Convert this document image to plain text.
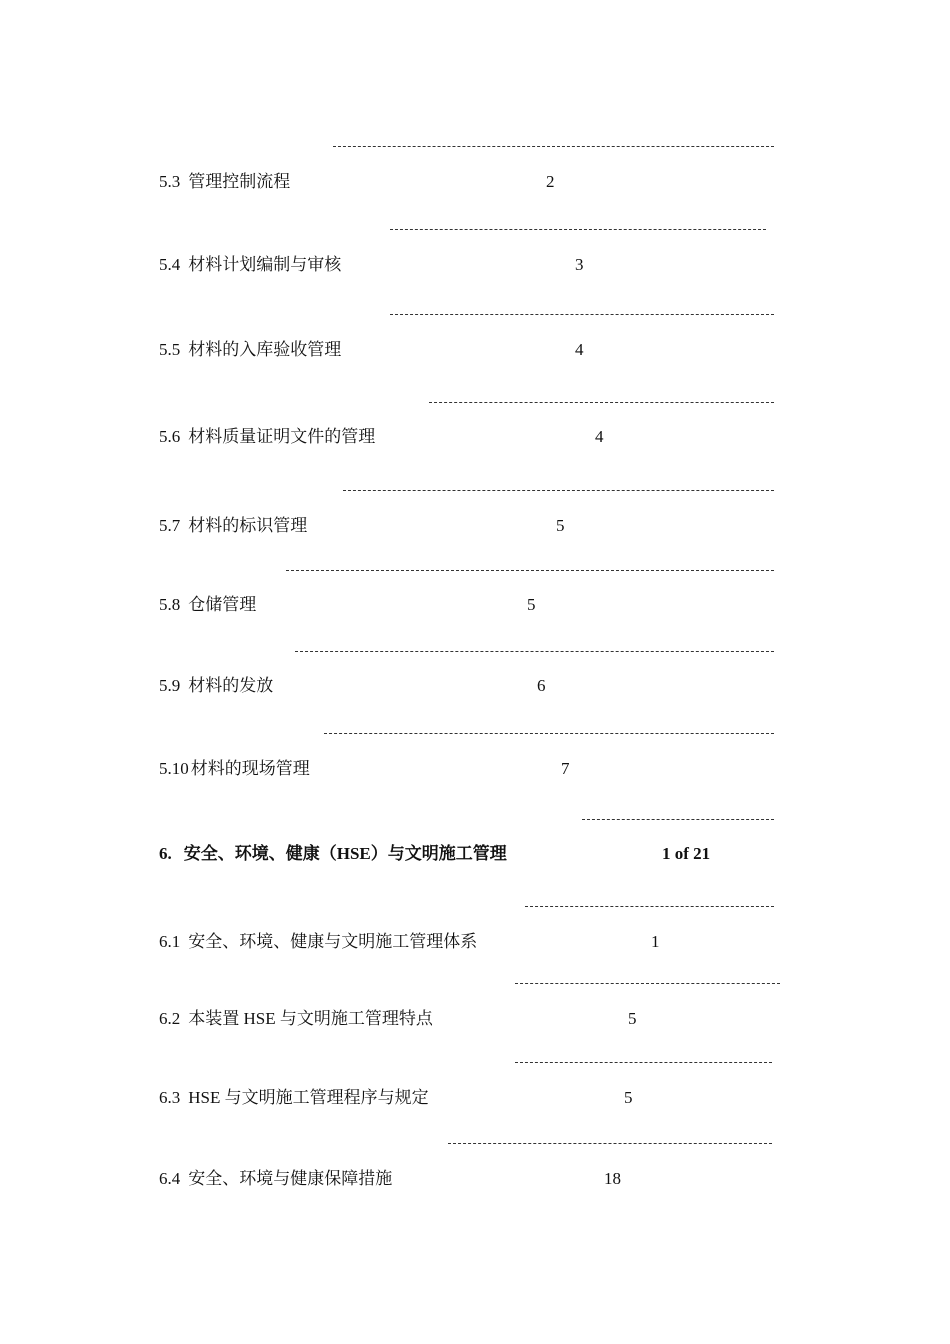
5.3 管理控制流程	2
5.4 材料计划编制与审核	3
5.5 材料的入库验收管理	4
5.6 材料质量证明文件的管理	4
5.7 材料的标识管理	5
5.8 仓储管理	5
5.9 材料的发放	6
5.10 材料的现场管理	7
6. 安全、环境、健康（HSE）与文明施工管理	1 of 21
6.1 安全、环境、健康与文明施工管理体系	1
6.2 本装置 HSE 与文明施工管理特点	5
6.3 HSE 与文明施工管理程序与规定	5
6.4 安全、环境与健康保障措施	18
